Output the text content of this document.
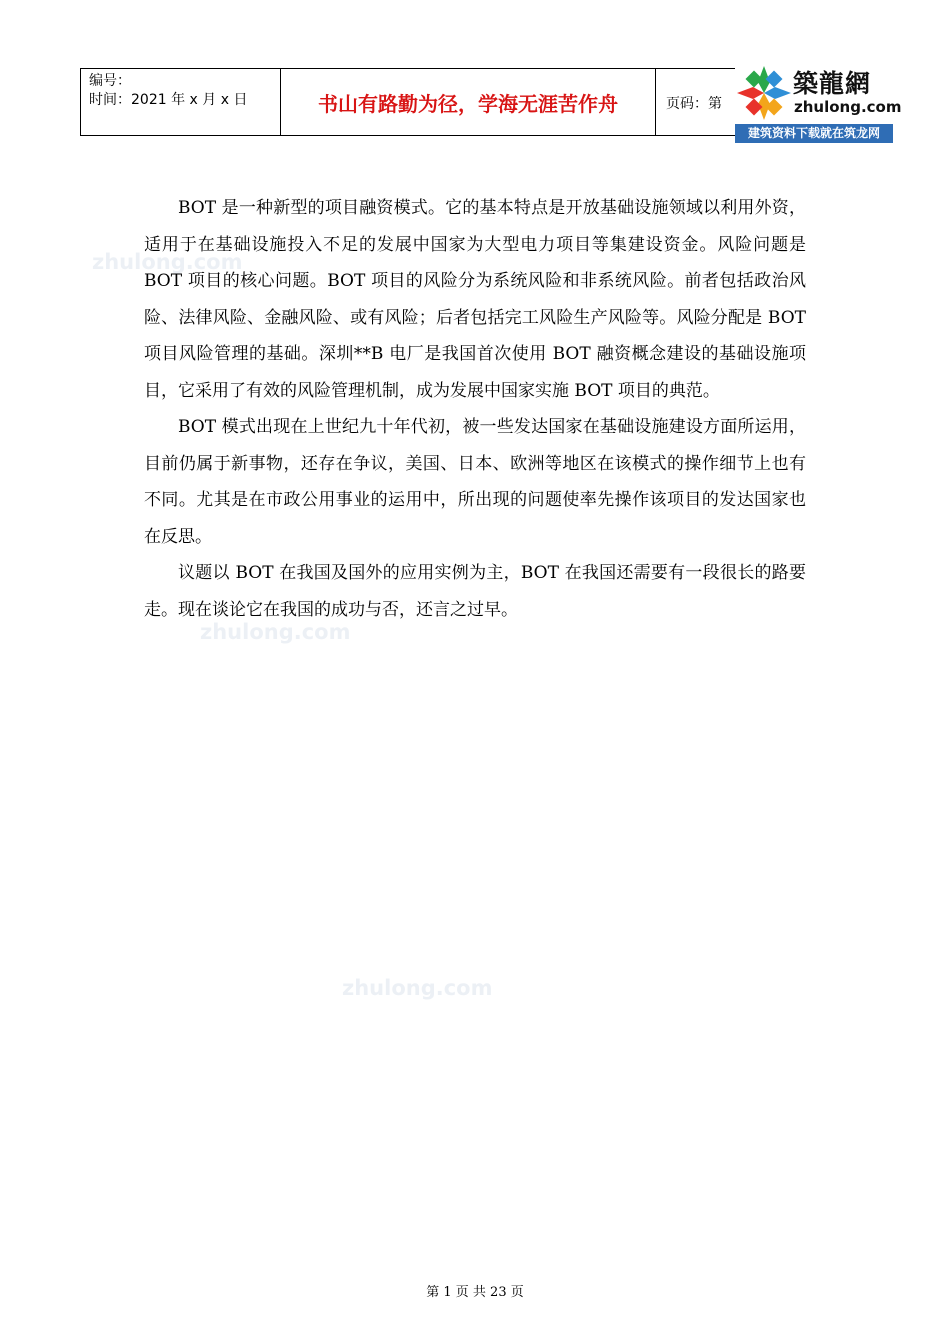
编号：
时间：2021 年 x 月 x 日	书山有路勤为径，学海无涯苦作舟	页码：第
築龍網
zhulong.com
建筑资料下载就在筑龙网
zhulong.com
zhulong.com
zhulong.com

BOT 是一种新型的项目融资模式。它的基本特点是开放基础设施领域以利用外资，适用于在基础设施投入不足的发展中国家为大型电力项目等集建设资金。风险问题是 BOT 项目的核心问题。BOT 项目的风险分为系统风险和非系统风险。前者包括政治风险、法律风险、金融风险、或有风险；后者包括完工风险生产风险等。风险分配是 BOT 项目风险管理的基础。深圳**B 电厂是我国首次使用 BOT 融资概念建设的基础设施项目，它采用了有效的风险管理机制，成为发展中国家实施 BOT 项目的典范。

BOT 模式出现在上世纪九十年代初，被一些发达国家在基础设施建设方面所运用，目前仍属于新事物，还存在争议，美国、日本、欧洲等地区在该模式的操作细节上也有不同。尤其是在市政公用事业的运用中，所出现的问题使率先操作该项目的发达国家也在反思。

议题以 BOT 在我国及国外的应用实例为主，BOT 在我国还需要有一段很长的路要走。现在谈论它在我国的成功与否，还言之过早。

第 1 页 共 23 页
